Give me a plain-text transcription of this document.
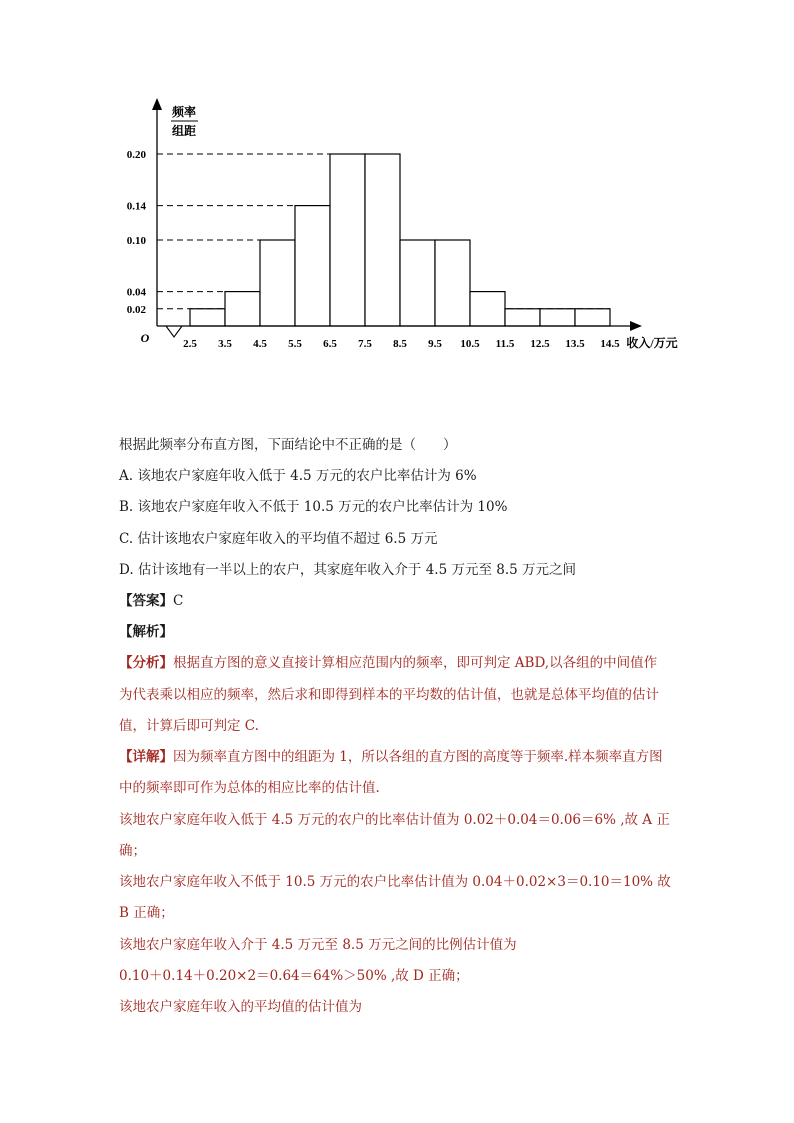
频率
组距
O	收入/万元
0.02
0.04
0.10
0.14
0.20
2.5 3.5 4.5 5.5 6.5 7.5 8.5 9.5 10.5 11.5 12.5 13.5 14.5
根据此频率分布直方图，下面结论中不正确的是（　　）
A. 该地农户家庭年收入低于 4.5 万元的农户比率估计为 6%
B. 该地农户家庭年收入不低于 10.5 万元的农户比率估计为 10%
C. 估计该地农户家庭年收入的平均值不超过 6.5 万元
D. 估计该地有一半以上的农户，其家庭年收入介于 4.5 万元至 8.5 万元之间
【答案】C
【解析】
【分析】根据直方图的意义直接计算相应范围内的频率，即可判定 ABD,以各组的中间值作
为代表乘以相应的频率，然后求和即得到样本的平均数的估计值，也就是总体平均值的估计
值，计算后即可判定 C.
【详解】因为频率直方图中的组距为 1，所以各组的直方图的高度等于频率.样本频率直方图
中的频率即可作为总体的相应比率的估计值.
该地农户家庭年收入低于 4.5 万元的农户的比率估计值为 0.02＋0.04＝0.06＝6% ,故 A 正
确；
该地农户家庭年收入不低于 10.5 万元的农户比率估计值为 0.04＋0.02×3＝0.10＝10% 故
B 正确；
该地农户家庭年收入介于 4.5 万元至 8.5 万元之间的比例估计值为
0.10＋0.14＋0.20×2＝0.64＝64%＞50% ,故 D 正确；
该地农户家庭年收入的平均值的估计值为
